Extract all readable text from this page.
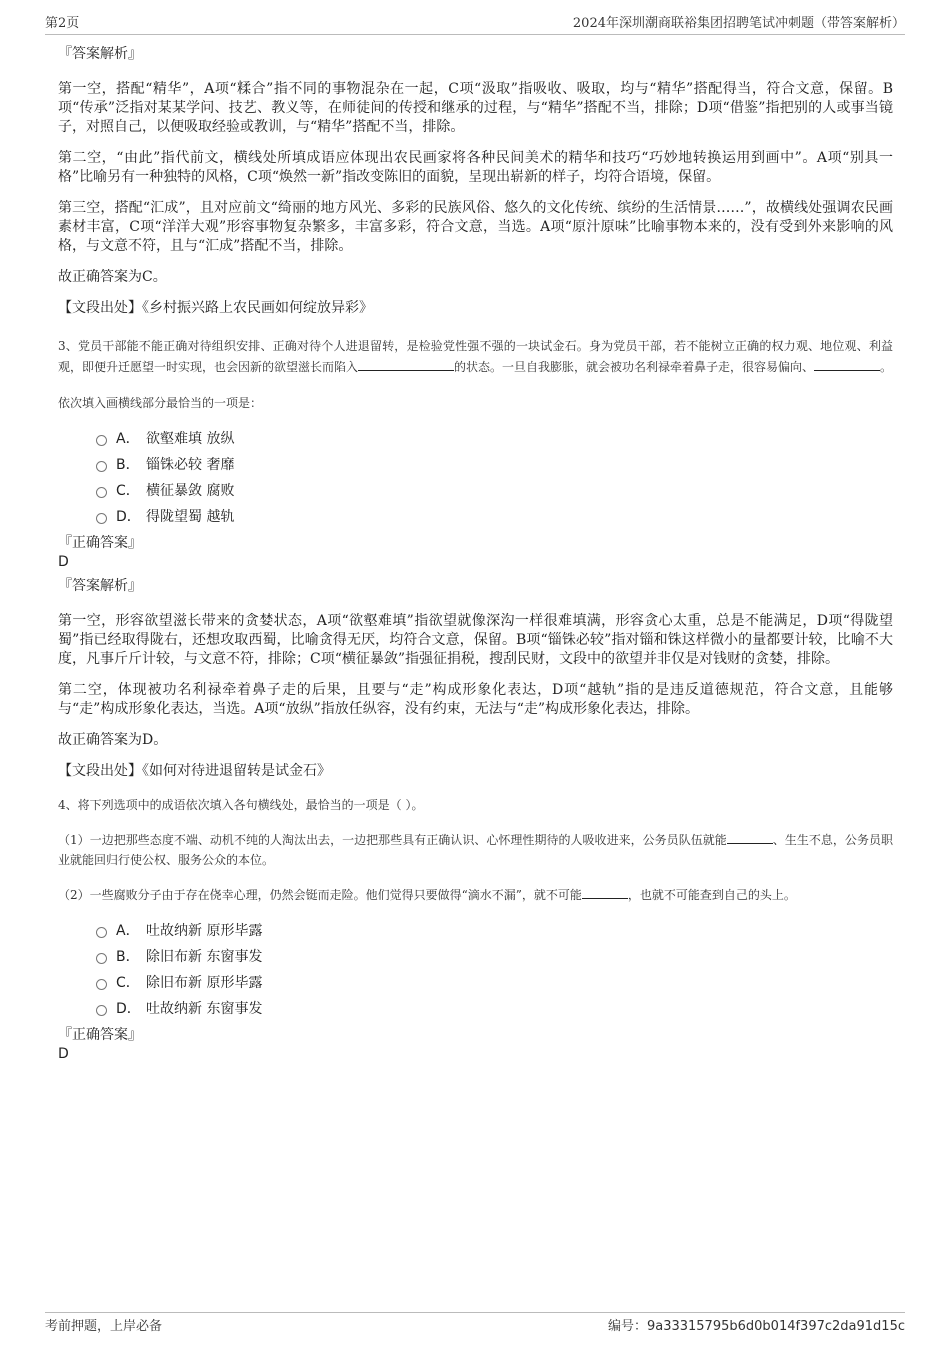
第2页	2024年深圳潮商联裕集团招聘笔试冲刺题（带答案解析）

『答案解析』

第一空，搭配“精华”，A项“糅合”指不同的事物混杂在一起，C项“汲取”指吸收、吸取，均与“精华”搭配得当，符合文意，保留。B项“传承”泛指对某某学问、技艺、教义等，在师徒间的传授和继承的过程，与“精华”搭配不当，排除；D项“借鉴”指把别的人或事当镜子，对照自己，以便吸取经验或教训，与“精华”搭配不当，排除。

第二空，“由此”指代前文，横线处所填成语应体现出农民画家将各种民间美术的精华和技巧“巧妙地转换运用到画中”。A项“别具一格”比喻另有一种独特的风格，C项“焕然一新”指改变陈旧的面貌，呈现出崭新的样子，均符合语境，保留。

第三空，搭配“汇成”，且对应前文“绮丽的地方风光、多彩的民族风俗、悠久的文化传统、缤纷的生活情景……”，故横线处强调农民画素材丰富，C项“洋洋大观”形容事物复杂繁多，丰富多彩，符合文意，当选。A项“原汁原味”比喻事物本来的，没有受到外来影响的风格，与文意不符，且与“汇成”搭配不当，排除。

故正确答案为C。

【文段出处】《乡村振兴路上农民画如何绽放异彩》

3、党员干部能不能正确对待组织安排、正确对待个人进退留转，是检验党性强不强的一块试金石。身为党员干部，若不能树立正确的权力观、地位观、利益观，即便升迁愿望一时实现，也会因新的欲望滋长而陷入	的状态。一旦自我膨胀，就会被功名利禄牵着鼻子走，很容易偏向、	。

依次填入画横线部分最恰当的一项是：

A． 欲壑难填 放纵
B． 锱铢必较 奢靡
C． 横征暴敛 腐败
D． 得陇望蜀 越轨

『正确答案』

D

『答案解析』

第一空，形容欲望滋长带来的贪婪状态，A项“欲壑难填”指欲望就像深沟一样很难填满，形容贪心太重，总是不能满足，D项“得陇望蜀”指已经取得陇右，还想攻取西蜀，比喻贪得无厌，均符合文意，保留。B项“锱铢必较”指对锱和铢这样微小的量都要计较，比喻不大度，凡事斤斤计较，与文意不符，排除；C项“横征暴敛”指强征捐税，搜刮民财，文段中的欲望并非仅是对钱财的贪婪，排除。

第二空，体现被功名利禄牵着鼻子走的后果，且要与“走”构成形象化表达，D项“越轨”指的是违反道德规范，符合文意，且能够与“走”构成形象化表达，当选。A项“放纵”指放任纵容，没有约束，无法与“走”构成形象化表达，排除。

故正确答案为D。

【文段出处】《如何对待进退留转是试金石》

4、将下列选项中的成语依次填入各句横线处，最恰当的一项是（ ）。

（1）一边把那些态度不端、动机不纯的人淘汰出去，一边把那些具有正确认识、心怀理性期待的人吸收进来，公务员队伍就能	、生生不息，公务员职业就能回归行使公权、服务公众的本位。

（2）一些腐败分子由于存在侥幸心理，仍然会铤而走险。他们觉得只要做得“滴水不漏”，就不可能	，也就不可能查到自己的头上。

A． 吐故纳新 原形毕露
B． 除旧布新 东窗事发
C． 除旧布新 原形毕露
D． 吐故纳新 东窗事发

『正确答案』

D

考前押题，上岸必备	编号：9a33315795b6d0b014f397c2da91d15c
